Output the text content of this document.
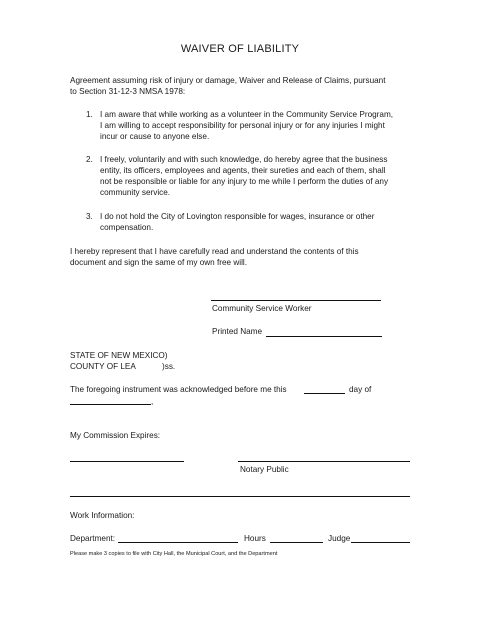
WAIVER OF LIABILITY
Agreement assuming risk of injury or damage, Waiver and Release of Claims, pursuant
to Section 31-12-3 NMSA 1978:
1. I am aware that while working as a volunteer in the Community Service Program,
I am willing to accept responsibility for personal injury or for any injuries I might
incur or cause to anyone else.
2. I freely, voluntarily and with such knowledge, do hereby agree that the business
entity, its officers, employees and agents, their sureties and each of them, shall
not be responsible or liable for any injury to me while I perform the duties of any
community service.
3. I do not hold the City of Lovington responsible for wages, insurance or other
compensation.
I hereby represent that I have carefully read and understand the contents of this
document and sign the same of my own free will.
Community Service Worker
Printed Name
STATE OF NEW MEXICO)
COUNTY OF LEA	)ss.
The foregoing instrument was acknowledged before me this	day of
,
My Commission Expires:
Notary Public
Work Information:
Department:	Hours	Judge
Please make 3 copies to file with City Hall, the Municipal Court, and the Department
